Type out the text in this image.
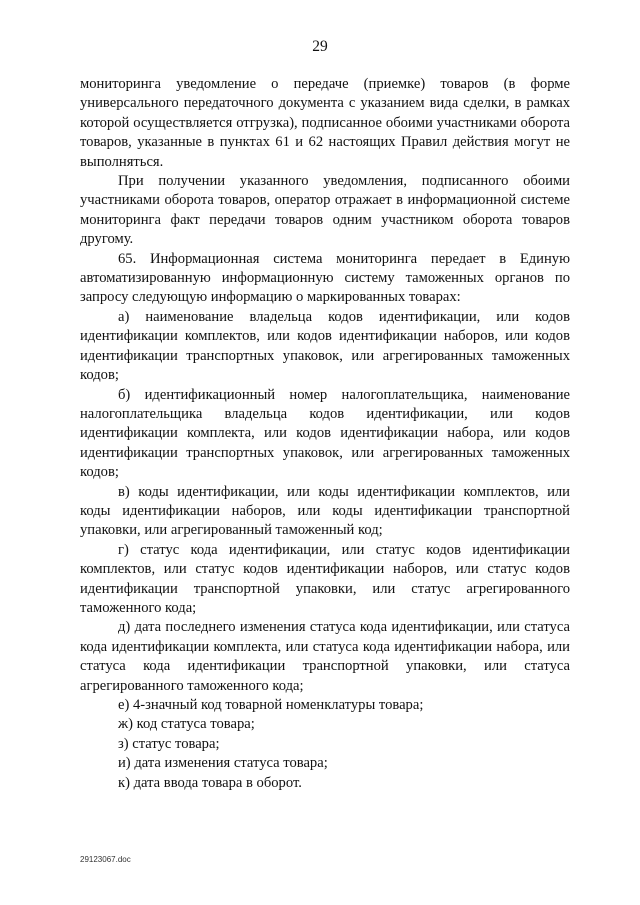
29

мониторинга уведомление о передаче (приемке) товаров (в форме универсального передаточного документа с указанием вида сделки, в рамках которой осуществляется отгрузка), подписанное обоими участниками оборота товаров, указанные в пунктах 61 и 62 настоящих Правил действия могут не выполняться.

При получении указанного уведомления, подписанного обоими участниками оборота товаров, оператор отражает в информационной системе мониторинга факт передачи товаров одним участником оборота товаров другому.

65. Информационная система мониторинга передает в Единую автоматизированную информационную систему таможенных органов по запросу следующую информацию о маркированных товарах:

а) наименование владельца кодов идентификации, или кодов идентификации комплектов, или кодов идентификации наборов, или кодов идентификации транспортных упаковок, или агрегированных таможенных кодов;

б) идентификационный номер налогоплательщика, наименование налогоплательщика владельца кодов идентификации, или кодов идентификации комплекта, или кодов идентификации набора, или кодов идентификации транспортных упаковок, или агрегированных таможенных кодов;

в) коды идентификации, или коды идентификации комплектов, или коды идентификации наборов, или коды идентификации транспортной упаковки, или агрегированный таможенный код;

г) статус кода идентификации, или статус кодов идентификации комплектов, или статус кодов идентификации наборов, или статус кодов идентификации транспортной упаковки, или статус агрегированного таможенного кода;

д) дата последнего изменения статуса кода идентификации, или статуса кода идентификации комплекта, или статуса кода идентификации набора, или статуса кода идентификации транспортной упаковки, или статуса агрегированного таможенного кода;

е) 4-значный код товарной номенклатуры товара;

ж) код статуса товара;

з) статус товара;

и) дата изменения статуса товара;

к) дата ввода товара в оборот.

29123067.doc
